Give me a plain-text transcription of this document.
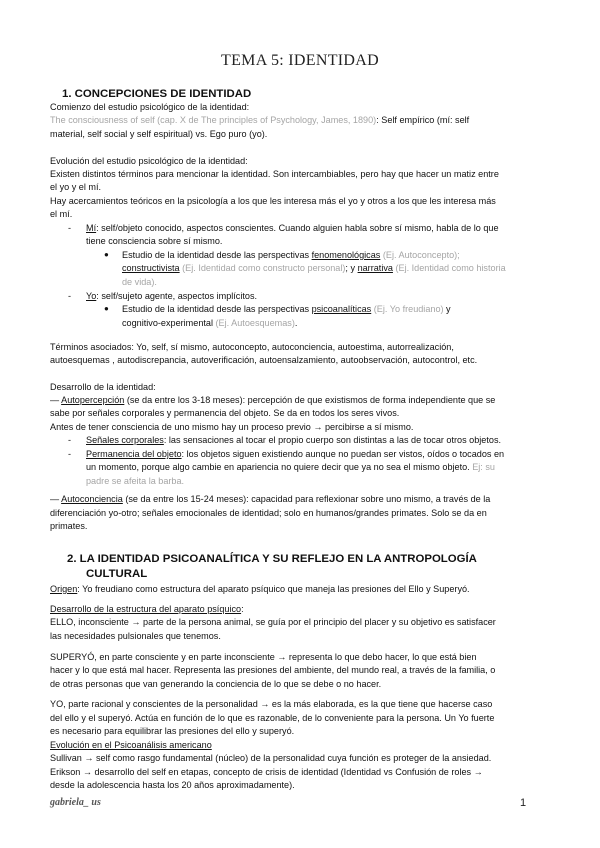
TEMA 5: IDENTIDAD
1. CONCEPCIONES DE IDENTIDAD
Comienzo del estudio psicológico de la identidad:
The consciousness of self (cap. X de The principles of Psychology, James, 1890): Self empírico (mí: self
material, self social y self espiritual) vs. Ego puro (yo).
Evolución del estudio psicológico de la identidad:
Existen distintos términos para mencionar la identidad. Son intercambiables, pero hay que hacer un matiz entre
el yo y el mí.
Hay acercamientos teóricos en la psicología a los que les interesa más el yo y otros a los que les interesa más
el mí.
- Mí: self/objeto conocido, aspectos conscientes. Cuando alguien habla sobre sí mismo, habla de lo que
tiene consciencia sobre sí mismo.
● Estudio de la identidad desde las perspectivas fenomenológicas (Ej. Autoconcepto);
constructivista (Ej. Identidad como constructo personal); y narrativa (Ej. Identidad como historia
de vida).
- Yo: self/sujeto agente, aspectos implícitos.
● Estudio de la identidad desde las perspectivas psicoanalíticas (Ej. Yo freudiano) y
cognitivo-experimental (Ej. Autoesquemas).
Términos asociados: Yo, self, sí mismo, autoconcepto, autoconciencia, autoestima, autorrealización,
autoesquemas , autodiscrepancia, autoverificación, autoensalzamiento, autoobservación, autocontrol, etc.
Desarrollo de la identidad:
— Autopercepción (se da entre los 3-18 meses): percepción de que existismos de forma independiente que se
sabe por señales corporales y permanencia del objeto. Se da en todos los seres vivos.
Antes de tener consciencia de uno mismo hay un proceso previo → percibirse a sí mismo.
- Señales corporales: las sensaciones al tocar el propio cuerpo son distintas a las de tocar otros objetos.
- Permanencia del objeto: los objetos siguen existiendo aunque no puedan ser vistos, oídos o tocados en
un momento, porque algo cambie en apariencia no quiere decir que ya no sea el mismo objeto. Ej: su
padre se afeita la barba.
— Autoconciencia (se da entre los 15-24 meses): capacidad para reflexionar sobre uno mismo, a través de la
diferenciación yo-otro; señales emocionales de identidad; solo en humanos/grandes primates. Solo se da en
primates.
2. LA IDENTIDAD PSICOANALÍTICA Y SU REFLEJO EN LA ANTROPOLOGÍA
CULTURAL
Origen: Yo freudiano como estructura del aparato psíquico que maneja las presiones del Ello y Superyó.
Desarrollo de la estructura del aparato psíquico:
ELLO, inconsciente → parte de la persona animal, se guía por el principio del placer y su objetivo es satisfacer
las necesidades pulsionales que tenemos.
SUPERYÓ, en parte consciente y en parte inconsciente → representa lo que debo hacer, lo que está bien
hacer y lo que está mal hacer. Representa las presiones del ambiente, del mundo real, a través de la familia, o
de otras personas que van generando la conciencia de lo que se debe o no hacer.
YO, parte racional y conscientes de la personalidad → es la más elaborada, es la que tiene que hacerse caso
del ello y el superyó. Actúa en función de lo que es razonable, de lo conveniente para la persona. Un Yo fuerte
es necesario para equilibrar las presiones del ello y superyó.
Evolución en el Psicoanálisis americano
Sullivan → self como rasgo fundamental (núcleo) de la personalidad cuya función es proteger de la ansiedad.
Erikson → desarrollo del self en etapas, concepto de crisis de identidad (Identidad vs Confusión de roles →
desde la adolescencia hasta los 20 años aproximadamente).
gabriela_ us	1
